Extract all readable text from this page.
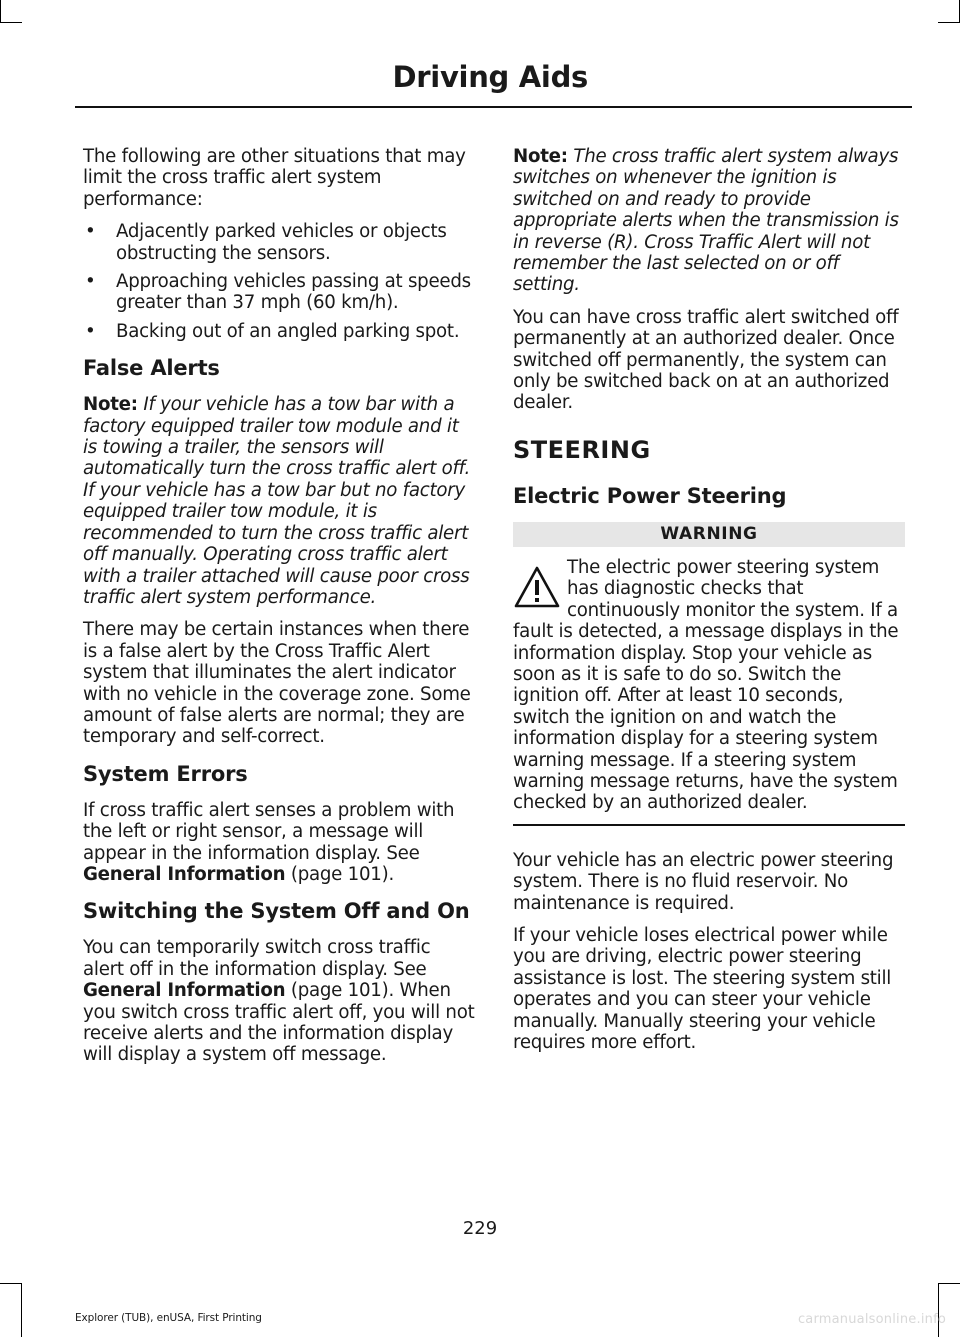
Driving Aids

The following are other situations that may limit the cross traffic alert system performance:

• Adjacently parked vehicles or objects obstructing the sensors.
• Approaching vehicles passing at speeds greater than 37 mph (60 km/h).
• Backing out of an angled parking spot.
False Alerts

Note: If your vehicle has a tow bar with a factory equipped trailer tow module and it is towing a trailer, the sensors will automatically turn the cross traffic alert off. If your vehicle has a tow bar but no factory equipped trailer tow module, it is recommended to turn the cross traffic alert off manually. Operating cross traffic alert with a trailer attached will cause poor cross traffic alert system performance.

There may be certain instances when there is a false alert by the Cross Traffic Alert system that illuminates the alert indicator with no vehicle in the coverage zone. Some amount of false alerts are normal; they are temporary and self-correct.

System Errors

If cross traffic alert senses a problem with the left or right sensor, a message will appear in the information display. See General Information (page 101).

Switching the System Off and On

You can temporarily switch cross traffic alert off in the information display. See General Information (page 101). When you switch cross traffic alert off, you will not receive alerts and the information display will display a system off message.

Note: The cross traffic alert system always switches on whenever the ignition is switched on and ready to provide appropriate alerts when the transmission is in reverse (R). Cross Traffic Alert will not remember the last selected on or off setting.

You can have cross traffic alert switched off permanently at an authorized dealer. Once switched off permanently, the system can only be switched back on at an authorized dealer.

STEERING
Electric Power Steering
WARNING

The electric power steering system has diagnostic checks that continuously monitor the system. If a fault is detected, a message displays in the information display. Stop your vehicle as soon as it is safe to do so. Switch the ignition off. After at least 10 seconds, switch the ignition on and watch the information display for a steering system warning message. If a steering system warning message returns, have the system checked by an authorized dealer.

Your vehicle has an electric power steering system. There is no fluid reservoir. No maintenance is required.

If your vehicle loses electrical power while you are driving, electric power steering assistance is lost. The steering system still operates and you can steer your vehicle manually. Manually steering your vehicle requires more effort.

229
Explorer (TUB), enUSA, First Printing	carmanualsonline.info
